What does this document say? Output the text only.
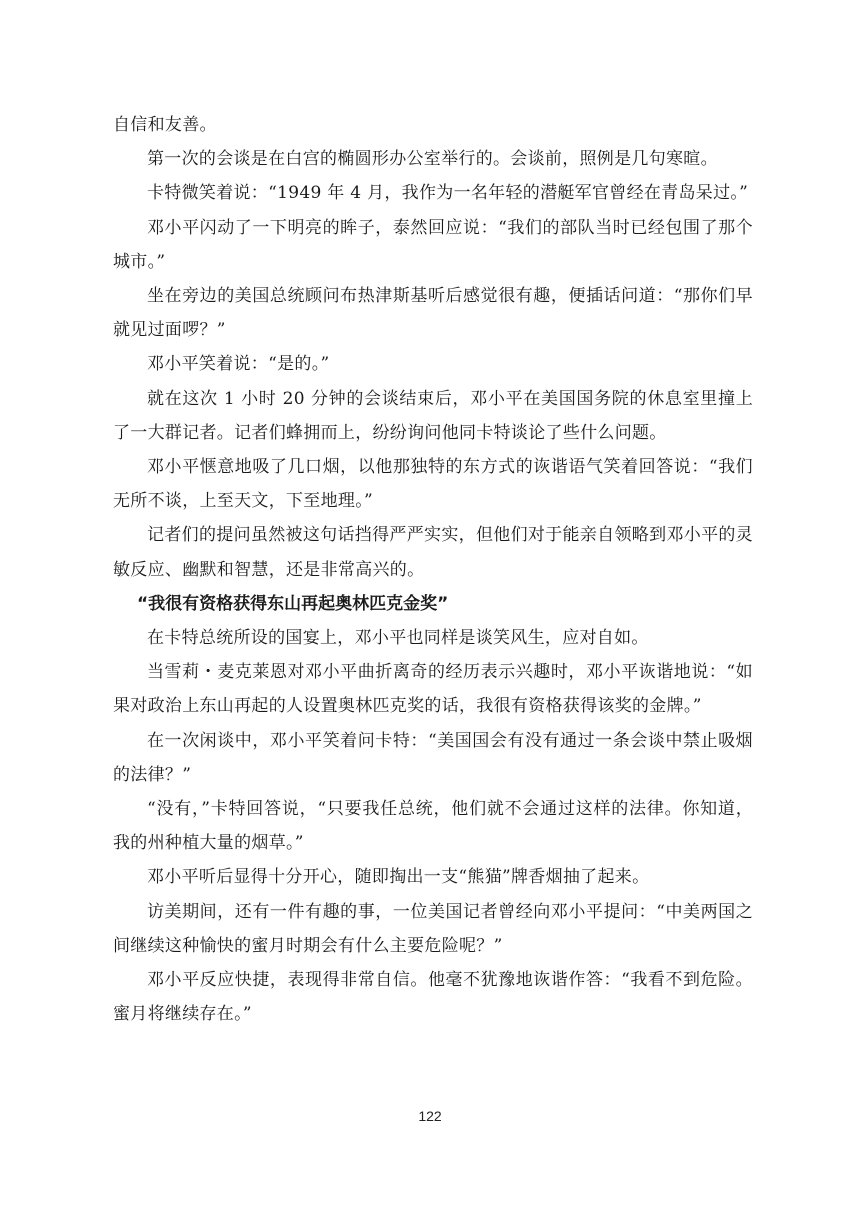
自信和友善。

第一次的会谈是在白宫的椭圆形办公室举行的。会谈前，照例是几句寒暄。

卡特微笑着说：“1949 年 4 月，我作为一名年轻的潜艇军官曾经在青岛呆过。”

邓小平闪动了一下明亮的眸子，泰然回应说：“我们的部队当时已经包围了那个城市。”

坐在旁边的美国总统顾问布热津斯基听后感觉很有趣，便插话问道：“那你们早就见过面啰？”

邓小平笑着说：“是的。”

就在这次 1 小时 20 分钟的会谈结束后，邓小平在美国国务院的休息室里撞上了一大群记者。记者们蜂拥而上，纷纷询问他同卡特谈论了些什么问题。

邓小平惬意地吸了几口烟，以他那独特的东方式的诙谐语气笑着回答说：“我们无所不谈，上至天文，下至地理。”

记者们的提问虽然被这句话挡得严严实实，但他们对于能亲自领略到邓小平的灵敏反应、幽默和智慧，还是非常高兴的。

“我很有资格获得东山再起奥林匹克金奖”

在卡特总统所设的国宴上，邓小平也同样是谈笑风生，应对自如。

当雪莉・麦克莱恩对邓小平曲折离奇的经历表示兴趣时，邓小平诙谐地说：“如果对政治上东山再起的人设置奥林匹克奖的话，我很有资格获得该奖的金牌。”

在一次闲谈中，邓小平笑着问卡特：“美国国会有没有通过一条会谈中禁止吸烟的法律？”

“没有，”卡特回答说，“只要我任总统，他们就不会通过这样的法律。你知道，我的州种植大量的烟草。”

邓小平听后显得十分开心，随即掏出一支“熊猫”牌香烟抽了起来。

访美期间，还有一件有趣的事，一位美国记者曾经向邓小平提问：“中美两国之间继续这种愉快的蜜月时期会有什么主要危险呢？”

邓小平反应快捷，表现得非常自信。他毫不犹豫地诙谐作答：“我看不到危险。蜜月将继续存在。”

122
